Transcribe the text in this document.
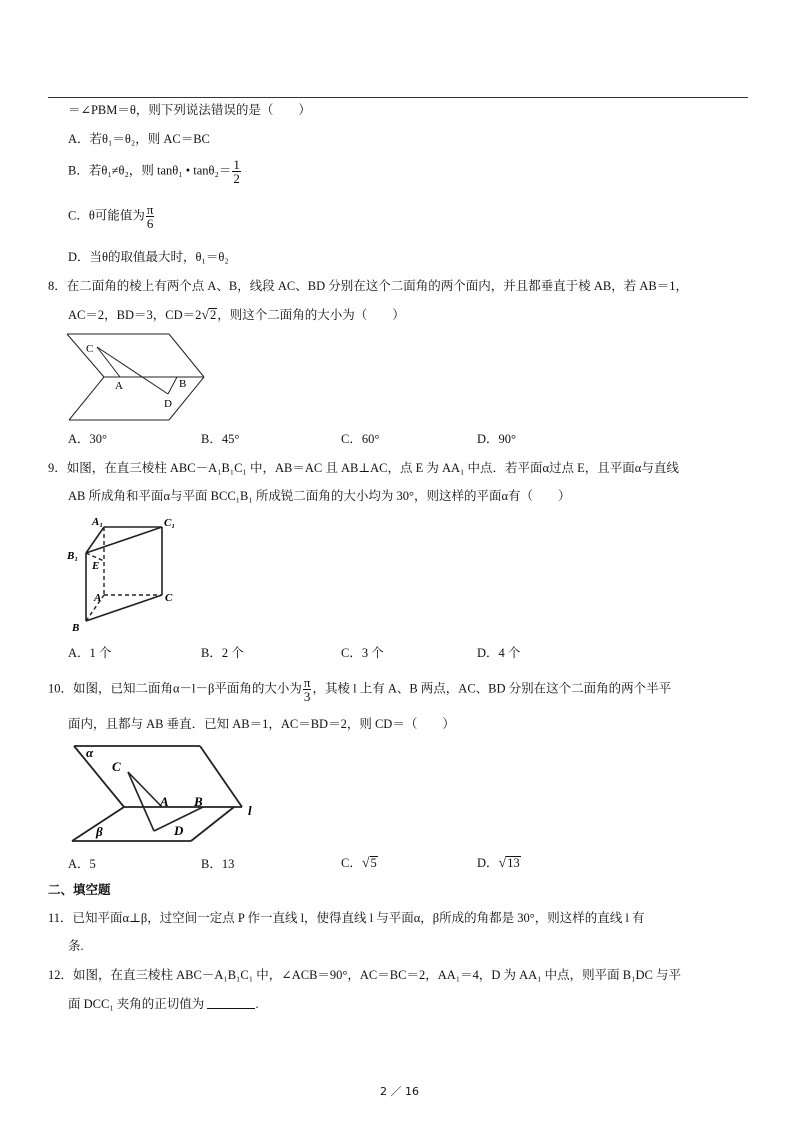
＝∠PBM＝θ，则下列说法错误的是（　　）
A．若θ₁＝θ₂，则 AC＝BC
B．若θ₁≠θ₂，则 tanθ₁ • $\tan\theta_2= \frac{1}{2}$
C．θ可能值为 $\frac{\pi}{6}$
D．当θ的取值最大时，θ₁＝θ₂
8．在二面角的棱上有两个点 A、B，线段 AC、BD 分别在这个二面角的两个面内，并且都垂直于棱 AB，若 AB＝1，
AC＝2，BD＝3，CD＝2√2，则这个二面角的大小为（　　）
C
A	B
D
A．30°	B．45°	C．60°	D．90°
9．如图，在直三棱柱 ABC－A₁B₁C₁ 中，AB＝AC 且 AB⊥AC，点 E 为 AA₁ 中点．若平面α过点 E，且平面α与直线
AB 所成角和平面α与平面 BCC₁B₁ 所成锐二面角的大小均为 30°，则这样的平面α有（　　）
A₁	C₁
B₁
E
A	C
B
A．1 个	B．2 个	C．3 个	D．4 个
10．如图，已知二面角α－l－β平面角的大小为 $\frac{\pi}{3}$ ，其棱 l 上有 A、B 两点，AC、BD 分别在这个二面角的两个半平
面内，且都与 AB 垂直．已知 AB＝1，AC＝BD＝2，则 CD＝（　　）
α
β
C
A B
D
l
A．5	B．13	C．√5	D．√13
二、填空题
11．已知平面α⊥β，过空间一定点 P 作一直线 l，使得直线 l 与平面α，β所成的角都是 30°，则这样的直线 l 有
条.
12．如图，在直三棱柱 ABC－A₁B₁C₁ 中，∠ACB＝90°，AC＝BC＝2，AA₁＝4，D 为 AA₁ 中点，则平面 B₁DC 与平
面 DCC₁ 夹角的正切值为	.
2 ／ 16
